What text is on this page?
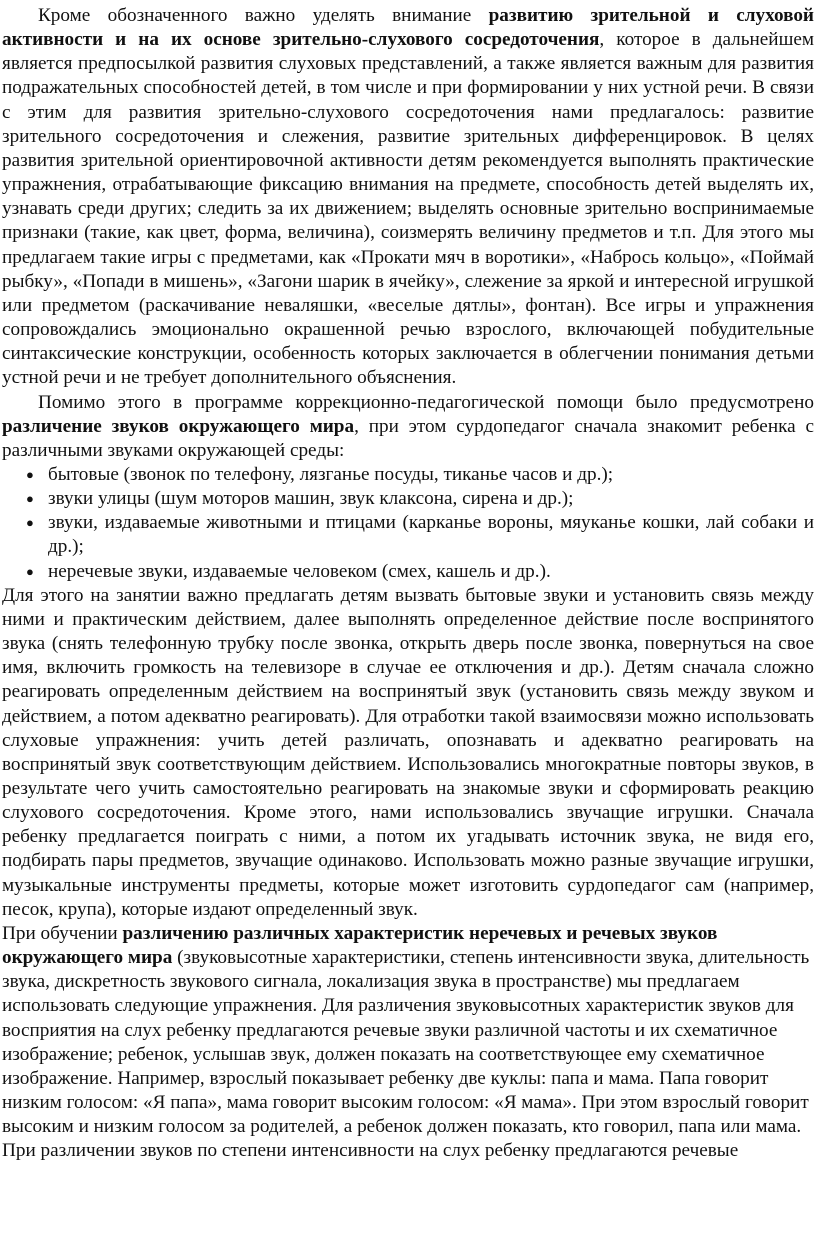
Кроме обозначенного важно уделять внимание развитию зрительной и слуховой активности и на их основе зрительно-слухового сосредоточения, которое в дальнейшем является предпосылкой развития слуховых представлений, а также является важным для развития подражательных способностей детей, в том числе и при формировании у них устной речи. В связи с этим для развития зрительно-слухового сосредоточения нами предлагалось: развитие зрительного сосредоточения и слежения, развитие зрительных дифференцировок. В целях развития зрительной ориентировочной активности детям рекомендуется выполнять практические упражнения, отрабатывающие фиксацию внимания на предмете, способность детей выделять их, узнавать среди других; следить за их движением; выделять основные зрительно воспринимаемые признаки (такие, как цвет, форма, величина), соизмерять величину предметов и т.п. Для этого мы предлагаем такие игры с предметами, как «Прокати мяч в воротики», «Набрось кольцо», «Поймай рыбку», «Попади в мишень», «Загони шарик в ячейку», слежение за яркой и интересной игрушкой или предметом (раскачивание неваляшки, «веселые дятлы», фонтан). Все игры и упражнения сопровождались эмоционально окрашенной речью взрослого, включающей побудительные синтаксические конструкции, особенность которых заключается в облегчении понимания детьми устной речи и не требует дополнительного объяснения.

Помимо этого в программе коррекционно-педагогической помощи было предусмотрено различение звуков окружающего мира, при этом сурдопедагог сначала знакомит ребенка с различными звуками окружающей среды:

● бытовые (звонок по телефону, лязганье посуды, тиканье часов и др.);
● звуки улицы (шум моторов машин, звук клаксона, сирена и др.);
● звуки, издаваемые животными и птицами (карканье вороны, мяуканье кошки, лай собаки и др.);
● неречевые звуки, издаваемые человеком (смех, кашель и др.).

Для этого на занятии важно предлагать детям вызвать бытовые звуки и установить связь между ними и практическим действием, далее выполнять определенное действие после воспринятого звука (снять телефонную трубку после звонка, открыть дверь после звонка, повернуться на свое имя, включить громкость на телевизоре в случае ее отключения и др.). Детям сначала сложно реагировать определенным действием на воспринятый звук (установить связь между звуком и действием, а потом адекватно реагировать). Для отработки такой взаимосвязи можно использовать слуховые упражнения: учить детей различать, опознавать и адекватно реагировать на воспринятый звук соответствующим действием. Использовались многократные повторы звуков, в результате чего учить самостоятельно реагировать на знакомые звуки и сформировать реакцию слухового сосредоточения. Кроме этого, нами использовались звучащие игрушки. Сначала ребенку предлагается поиграть с ними, а потом их угадывать источник звука, не видя его, подбирать пары предметов, звучащие одинаково. Использовать можно разные звучащие игрушки, музыкальные инструменты предметы, которые может изготовить сурдопедагог сам (например, песок, крупа), которые издают определенный звук.

При обучении различению различных характеристик неречевых и речевых звуков окружающего мира (звуковысотные характеристики, степень интенсивности звука, длительность звука, дискретность звукового сигнала, локализация звука в пространстве) мы предлагаем использовать следующие упражнения. Для различения звуковысотных характеристик звуков для восприятия на слух ребенку предлагаются речевые звуки различной частоты и их схематичное изображение; ребенок, услышав звук, должен показать на соответствующее ему схематичное изображение. Например, взрослый показывает ребенку две куклы: папа и мама. Папа говорит низким голосом: «Я папа», мама говорит высоким голосом: «Я мама». При этом взрослый говорит высоким и низким голосом за родителей, а ребенок должен показать, кто говорил, папа или мама. При различении звуков по степени интенсивности на слух ребенку предлагаются речевые
